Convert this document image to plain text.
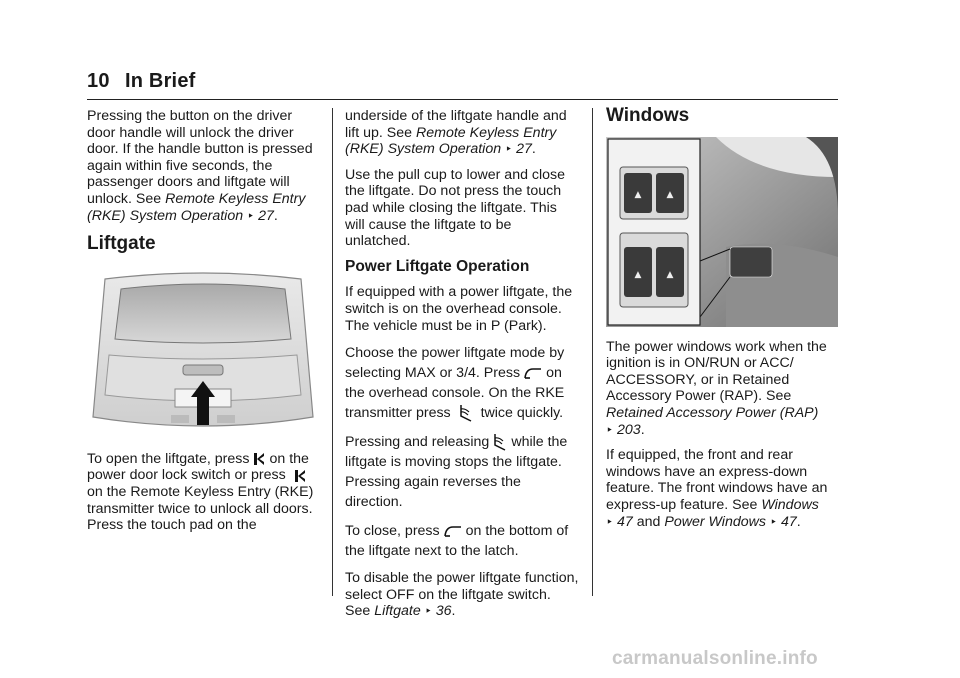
10 In Brief

Pressing the button on the driver door handle will unlock the driver door. If the handle button is pressed again within five seconds, the passenger doors and liftgate will unlock. See Remote Keyless Entry (RKE) System Operation ‣ 27.

Liftgate

To open the liftgate, press on the power door lock switch or press  on the Remote Keyless Entry (RKE) transmitter twice to unlock all doors. Press the touch pad on the

underside of the liftgate handle and lift up. See Remote Keyless Entry (RKE) System Operation ‣ 27.

Use the pull cup to lower and close the liftgate. Do not press the touch pad while closing the liftgate. This will cause the liftgate to be unlatched.

Power Liftgate Operation

If equipped with a power liftgate, the switch is on the overhead console. The vehicle must be in P (Park).

Choose the power liftgate mode by selecting MAX or 3/4. Press on the overhead console. On the RKE transmitter press twice quickly.

Pressing and releasing while the liftgate is moving stops the liftgate. Pressing again reverses the direction.

To close, press on the bottom of the liftgate next to the latch.

To disable the power liftgate function, select OFF on the liftgate switch. See Liftgate ‣ 36.

Windows
▲	▲
▲	▲

The power windows work when the ignition is in ON/RUN or ACC/ ACCESSORY, or in Retained Accessory Power (RAP). See Retained Accessory Power (RAP)
‣ 203.

If equipped, the front and rear windows have an express-down feature. The front windows have an express-up feature. See Windows
‣ 47 and Power Windows ‣ 47.

carmanualsonline.info
